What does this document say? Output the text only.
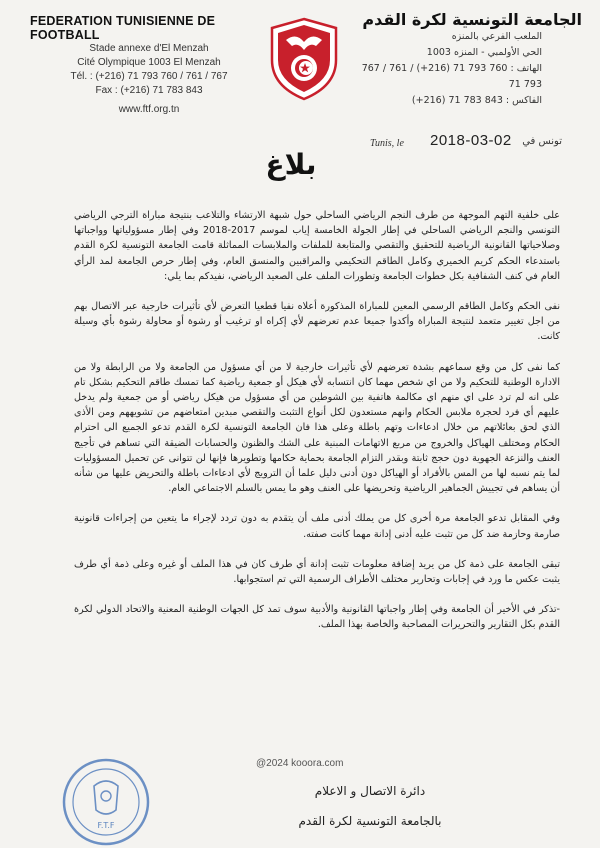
FEDERATION TUNISIENNE DE FOOTBALL
Stade annexe d'El Menzah
Cité Olympique 1003 El Menzah
Tél. : (+216) 71 793 760 / 761 / 767
Fax : (+216) 71 783 843
www.ftf.org.tn
الجامعة التونسية لكرة القدم
الملعب الفرعي بالمنزه
الحي الأولمبي - المنزه 1003
الهاتف : 760 793 71 (216+) / 761 / 767 793 71
الفاكس : 843 783 71 (216+)
Tunis, le 2018-03-02 تونس في
بلاغ

على خلفية التهم الموجهة من طرف النجم الرياضي الساحلي حول شبهة الارتشاء والتلاعب بنتيجة مباراة الترجي الرياضي التونسي والنجم الرياضي الساحلي في إطار الجولة الخامسة إياب لموسم 2017-2018 وفي إطار مسؤولياتها وواجباتها وصلاحياتها القانونية الرياضية للتحقيق والتقصي والمتابعة للملفات والملابسات المماثلة قامت الجامعة التونسية لكرة القدم باستدعاء الحكم كريم الخميري وكامل الطاقم التحكيمي والمراقبين والمنسق العام، وفي إطار حرص الجامعة لمد الرأي العام في كنف الشفافية بكل خطوات الجامعة وتطورات الملف على الصعيد الرياضي، نفيدكم بما يلي:

نفى الحكم وكامل الطاقم الرسمي المعين للمباراة المذكورة أعلاه نفيا قطعيا التعرض لأي تأثيرات خارجية عبر الاتصال بهم من اجل تغيير متعمد لنتيجة المباراة وأكدوا جميعا عدم تعرضهم لأي إكراه او ترغيب أو رشوة أو محاولة رشوة بأي وسيلة كانت.

كما نفى كل من وقع سماعهم بشدة تعرضهم لأي تأثيرات خارجية لا من أي مسؤول من الجامعة ولا من الرابطة ولا من الادارة الوطنية للتحكيم ولا من اي شخص مهما كان انتسابه لأي هيكل أو جمعية رياضية كما تمسك طاقم التحكيم بشكل تام على انه لم ترد على اي منهم اي مكالمة هاتفية بين الشوطين من أي مسؤول من هيكل رياضي أو من جمعية ولم يدخل عليهم أي فرد لحجرة ملابس الحكام وانهم مستعدون لكل أنواع التثبت والتقصي مبدين امتعاضهم من تشويههم ومن الأذى الذي لحق بعائلاتهم من خلال ادعاءات وتهم باطلة وعلى هذا فان الجامعة التونسية لكرة القدم تدعو الجميع الى احترام الحكام ومختلف الهياكل والخروج من مربع الاتهامات المبنية على الشك والظنون والحسابات الضيقة التي تساهم في تأجيج العنف والنزعة الجهوية دون حجج ثابتة وبقدر التزام الجامعة بحماية حكامها وتطويرها فإنها لن تتوانى عن تحميل المسؤوليات لما يتم نسبه لها من المس بالأفراد أو الهياكل دون أدنى دليل علما أن الترويج لأي ادعاءات باطلة والتحريض عليها من شأنه أن يساهم في تجييش الجماهير الرياضية وتحريضها على العنف وهو ما يمس بالسلم الاجتماعي العام.

وفي المقابل تدعو الجامعة مرة أخرى كل من يملك أدنى ملف أن يتقدم به دون تردد لإجراء ما يتعين من إجراءات قانونية صارمة وحازمة ضد كل من تثبت عليه أدنى إدانة مهما كانت صفته.

تبقى الجامعة على ذمة كل من يريد إضافة معلومات تثبت إدانة أي طرف كان في هذا الملف أو غيره وعلى ذمة أي طرف يثبت عكس ما ورد في إجابات وتحارير مختلف الأطراف الرسمية التي تم استجوابها.

-تذكر في الأخير أن الجامعة وفي إطار واجباتها القانونية والأدبية سوف تمد كل الجهات الوطنية المعنية والاتحاد الدولي لكرة القدم بكل التقارير والتحريرات المصاحبة والخاصة بهذا الملف.

دائرة الاتصال و الاعلام
بالجامعة التونسية لكرة القدم
F.T.F
@2024 kooora.com
